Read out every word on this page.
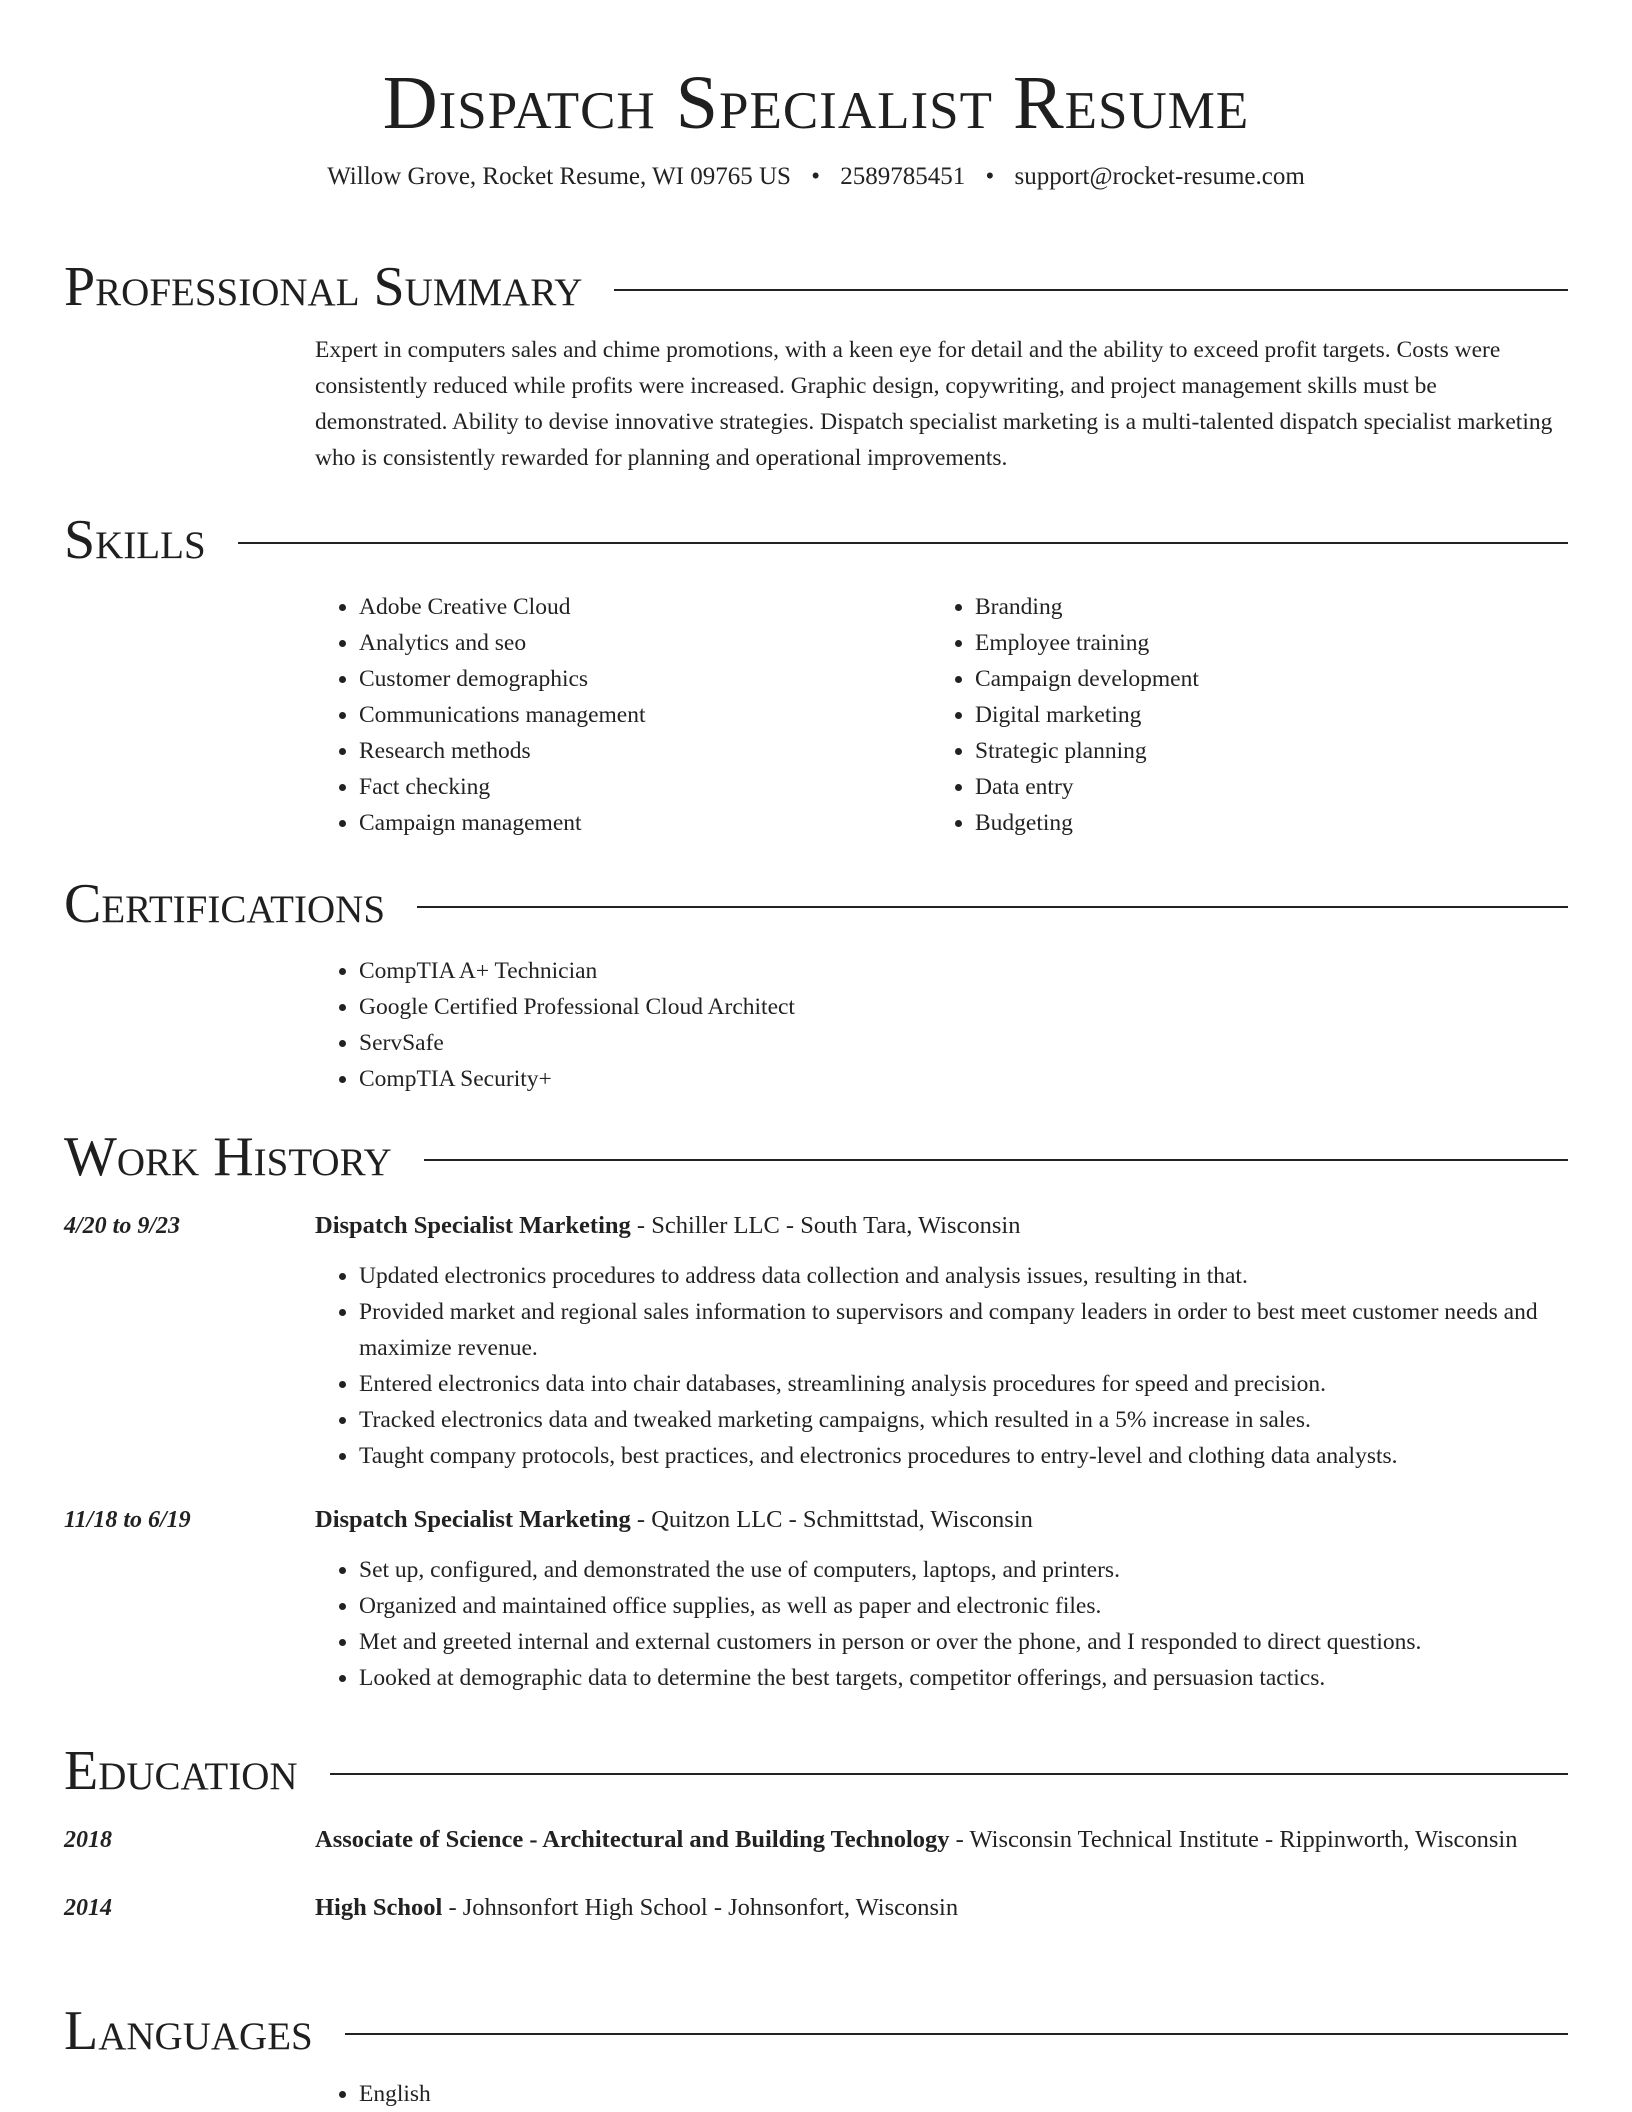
Dispatch Specialist Resume
Willow Grove, Rocket Resume, WI 09765 US • 2589785451 • support@rocket-resume.com
Professional Summary

Expert in computers sales and chime promotions, with a keen eye for detail and the ability to exceed profit targets. Costs were consistently reduced while profits were increased. Graphic design, copywriting, and project management skills must be demonstrated. Ability to devise innovative strategies. Dispatch specialist marketing is a multi-talented dispatch specialist marketing who is consistently rewarded for planning and operational improvements.

Skills
• Adobe Creative Cloud
• Analytics and seo
• Customer demographics
• Communications management
• Research methods
• Fact checking
• Campaign management
• Branding
• Employee training
• Campaign development
• Digital marketing
• Strategic planning
• Data entry
• Budgeting
Certifications
• CompTIA A+ Technician
• Google Certified Professional Cloud Architect
• ServSafe
• CompTIA Security+
Work History
4/20 to 9/23	Dispatch Specialist Marketing - Schiller LLC - South Tara, Wisconsin
• Updated electronics procedures to address data collection and analysis issues, resulting in that.
• Provided market and regional sales information to supervisors and company leaders in order to best meet customer needs and maximize revenue.
• Entered electronics data into chair databases, streamlining analysis procedures for speed and precision.
• Tracked electronics data and tweaked marketing campaigns, which resulted in a 5% increase in sales.
• Taught company protocols, best practices, and electronics procedures to entry-level and clothing data analysts.
11/18 to 6/19	Dispatch Specialist Marketing - Quitzon LLC - Schmittstad, Wisconsin
• Set up, configured, and demonstrated the use of computers, laptops, and printers.
• Organized and maintained office supplies, as well as paper and electronic files.
• Met and greeted internal and external customers in person or over the phone, and I responded to direct questions.
• Looked at demographic data to determine the best targets, competitor offerings, and persuasion tactics.
Education
2018	Associate of Science - Architectural and Building Technology - Wisconsin Technical Institute - Rippinworth, Wisconsin
2014	High School - Johnsonfort High School - Johnsonfort, Wisconsin
Languages
• English
